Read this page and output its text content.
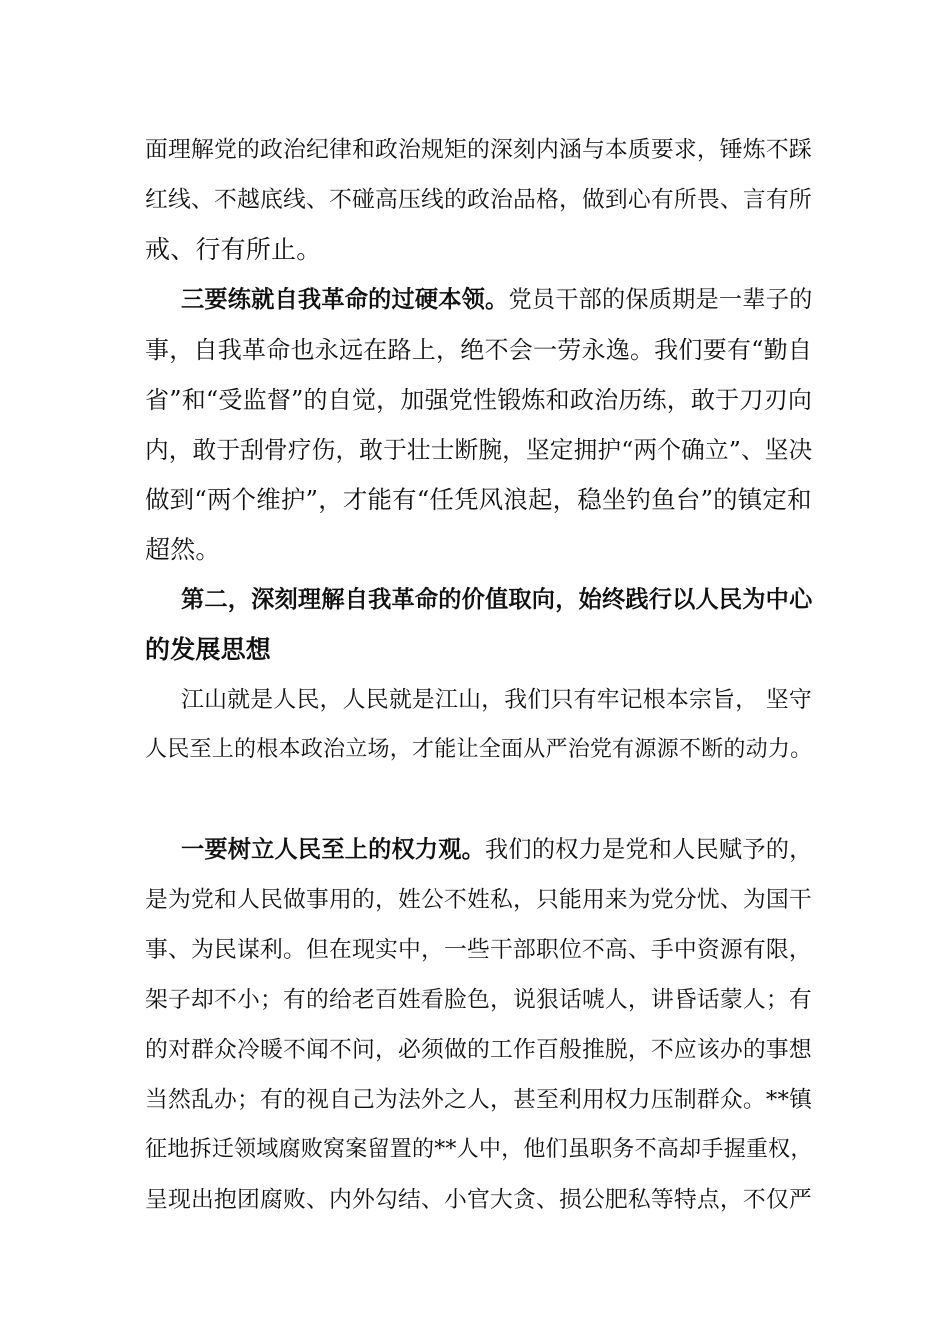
面理解党的政治纪律和政治规矩的深刻内涵与本质要求，锤炼不踩
红线、不越底线、不碰高压线的政治品格，做到心有所畏、言有所
戒、行有所止。
三要练就自我革命的过硬本领。党员干部的保质期是一辈子的
事，自我革命也永远在路上，绝不会一劳永逸。我们要有“勤自
省”和“受监督”的自觉，加强党性锻炼和政治历练，敢于刀刃向
内，敢于刮骨疗伤，敢于壮士断腕，坚定拥护“两个确立”、坚决
做到“两个维护”，才能有“任凭风浪起，稳坐钓鱼台”的镇定和
超然。
第二，深刻理解自我革命的价值取向，始终践行以人民为中心
的发展思想
江山就是人民，人民就是江山，我们只有牢记根本宗旨， 坚守
人民至上的根本政治立场，才能让全面从严治党有源源不断的动力。
一要树立人民至上的权力观。我们的权力是党和人民赋予的，
是为党和人民做事用的，姓公不姓私，只能用来为党分忧、为国干
事、为民谋利。但在现实中，一些干部职位不高、手中资源有限，
架子却不小；有的给老百姓看脸色，说狠话唬人，讲昏话蒙人；有
的对群众冷暖不闻不问，必须做的工作百般推脱，不应该办的事想
当然乱办；有的视自己为法外之人，甚至利用权力压制群众。**镇
征地拆迁领域腐败窝案留置的**人中，他们虽职务不高却手握重权，
呈现出抱团腐败、内外勾结、小官大贪、损公肥私等特点，不仅严
